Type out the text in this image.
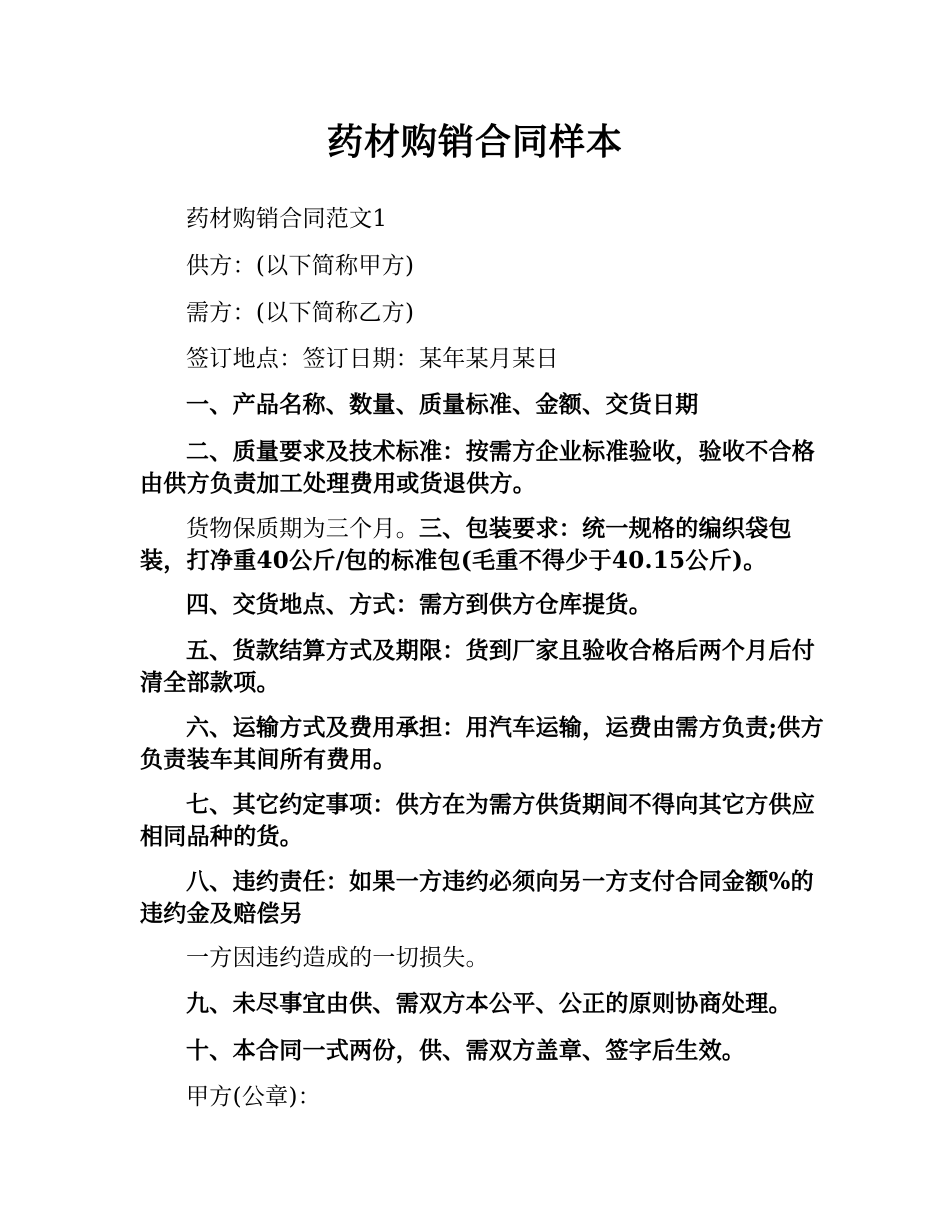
药材购销合同样本
药材购销合同范文1
供方：(以下简称甲方)
需方：(以下简称乙方)
签订地点：签订日期：某年某月某日
一、产品名称、数量、质量标准、金额、交货日期
二、质量要求及技术标准：按需方企业标准验收，验收不合格由供方负责加工处理费用或货退供方。
货物保质期为三个月。三、包装要求：统一规格的编织袋包装，打净重40公斤/包的标准包(毛重不得少于40.15公斤)。
四、交货地点、方式：需方到供方仓库提货。
五、货款结算方式及期限：货到厂家且验收合格后两个月后付清全部款项。
六、运输方式及费用承担：用汽车运输，运费由需方负责;供方负责装车其间所有费用。
七、其它约定事项：供方在为需方供货期间不得向其它方供应相同品种的货。
八、违约责任：如果一方违约必须向另一方支付合同金额%的违约金及赔偿另
一方因违约造成的一切损失。
九、未尽事宜由供、需双方本公平、公正的原则协商处理。
十、本合同一式两份，供、需双方盖章、签字后生效。
甲方(公章)：
